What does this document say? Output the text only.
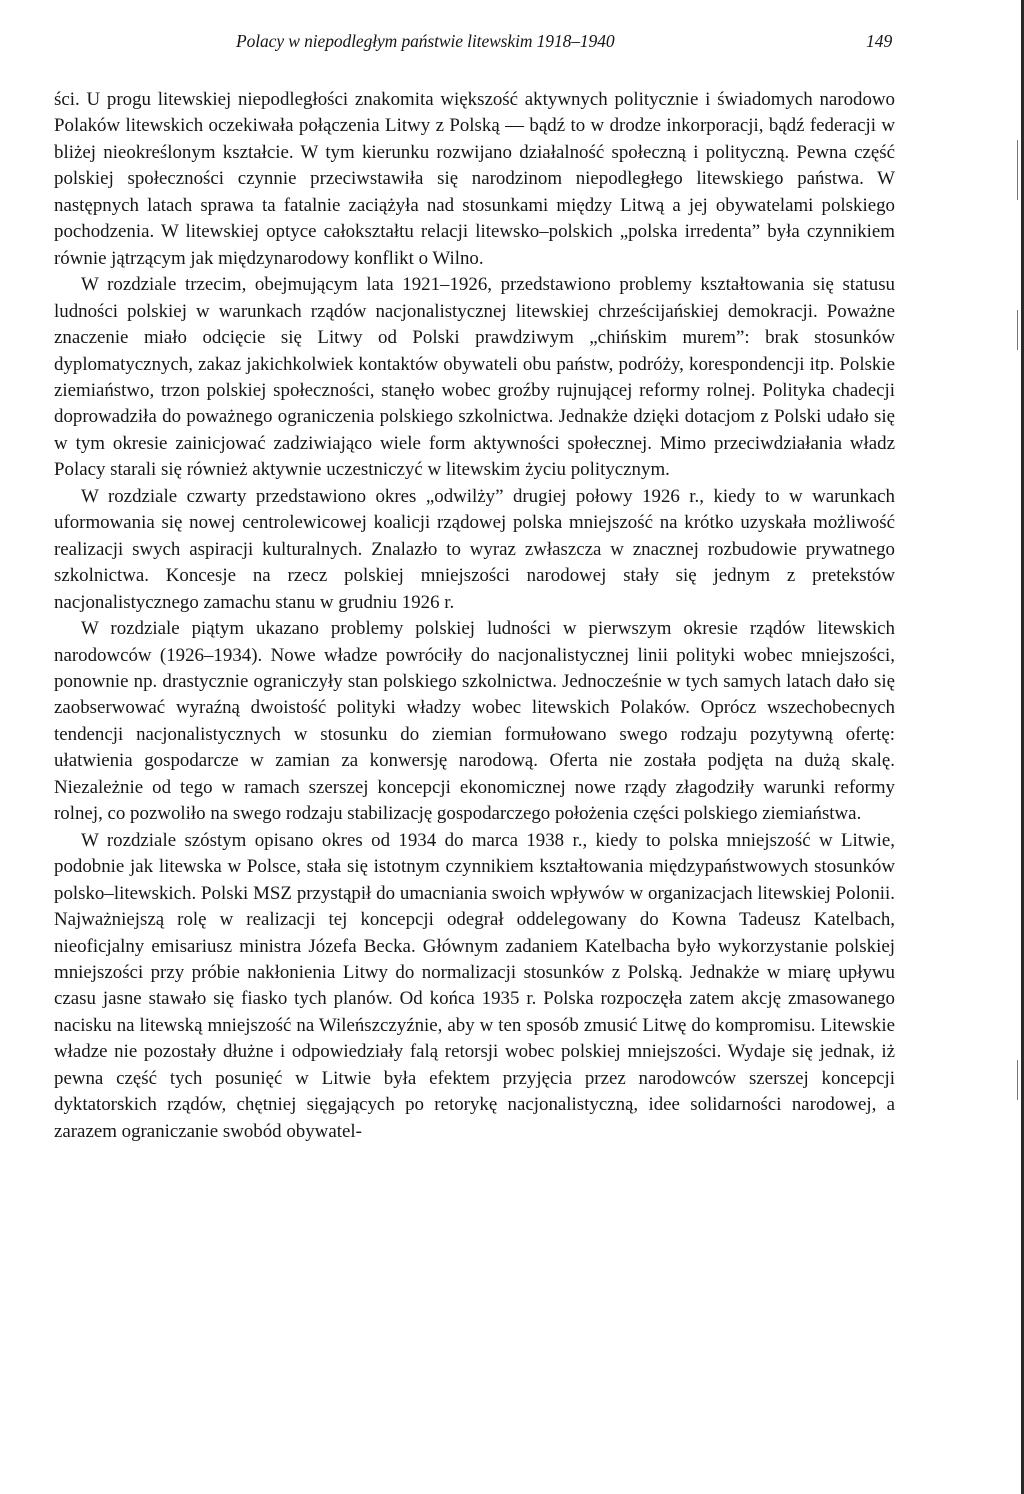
Polacy w niepodległym państwie litewskim 1918–1940	149

ści. U progu litewskiej niepodległości znakomita większość aktywnych politycznie i świadomych narodowo Polaków litewskich oczekiwała połączenia Litwy z Polską — bądź to w drodze inkorporacji, bądź federacji w bliżej nieokreślonym kształcie. W tym kierunku rozwijano działalność społeczną i polityczną. Pewna część polskiej społeczności czynnie przeciwstawiła się narodzinom niepodległego litewskiego państwa. W następnych latach sprawa ta fatalnie zaciążyła nad stosunkami między Litwą a jej obywatelami polskiego pochodzenia. W litewskiej optyce całokształtu relacji litewsko–polskich „polska irredenta” była czynnikiem równie jątrzącym jak międzynarodowy konflikt o Wilno.

W rozdziale trzecim, obejmującym lata 1921–1926, przedstawiono problemy kształtowania się statusu ludności polskiej w warunkach rządów nacjonalistycznej litewskiej chrześcijańskiej demokracji. Poważne znaczenie miało odcięcie się Litwy od Polski prawdziwym „chińskim murem”: brak stosunków dyplomatycznych, zakaz jakichkolwiek kontaktów obywateli obu państw, podróży, korespondencji itp. Polskie ziemiaństwo, trzon polskiej społeczności, stanęło wobec groźby rujnującej reformy rolnej. Polityka chadecji doprowadziła do poważnego ograniczenia polskiego szkolnictwa. Jednakże dzięki dotacjom z Polski udało się w tym okresie zainicjować zadziwiająco wiele form aktywności społecznej. Mimo przeciwdziałania władz Polacy starali się również aktywnie uczestniczyć w litewskim życiu politycznym.

W rozdziale czwarty przedstawiono okres „odwilży” drugiej połowy 1926 r., kiedy to w warunkach uformowania się nowej centrolewicowej koalicji rządowej polska mniejszość na krótko uzyskała możliwość realizacji swych aspiracji kulturalnych. Znalazło to wyraz zwłaszcza w znacznej rozbudowie prywatnego szkolnictwa. Koncesje na rzecz polskiej mniejszości narodowej stały się jednym z pretekstów nacjonalistycznego zamachu stanu w grudniu 1926 r.

W rozdziale piątym ukazano problemy polskiej ludności w pierwszym okresie rządów litewskich narodowców (1926–1934). Nowe władze powróciły do nacjonalistycznej linii polityki wobec mniejszości, ponownie np. drastycznie ograniczyły stan polskiego szkolnictwa. Jednocześnie w tych samych latach dało się zaobserwować wyraźną dwoistość polityki władzy wobec litewskich Polaków. Oprócz wszechobecnych tendencji nacjonalistycznych w stosunku do ziemian formułowano swego rodzaju pozytywną ofertę: ułatwienia gospodarcze w zamian za konwersję narodową. Oferta nie została podjęta na dużą skalę. Niezależnie od tego w ramach szerszej koncepcji ekonomicznej nowe rządy złagodziły warunki reformy rolnej, co pozwoliło na swego rodzaju stabilizację gospodarczego położenia części polskiego ziemiaństwa.

W rozdziale szóstym opisano okres od 1934 do marca 1938 r., kiedy to polska mniejszość w Litwie, podobnie jak litewska w Polsce, stała się istotnym czynnikiem kształtowania międzypaństwowych stosunków polsko–litewskich. Polski MSZ przystąpił do umacniania swoich wpływów w organizacjach litewskiej Polonii. Najważniejszą rolę w realizacji tej koncepcji odegrał oddelegowany do Kowna Tadeusz Katelbach, nieoficjalny emisariusz ministra Józefa Becka. Głównym zadaniem Katelbacha było wykorzystanie polskiej mniejszości przy próbie nakłonienia Litwy do normalizacji stosunków z Polską. Jednakże w miarę upływu czasu jasne stawało się fiasko tych planów. Od końca 1935 r. Polska rozpoczęła zatem akcję zmasowanego nacisku na litewską mniejszość na Wileńszczyźnie, aby w ten sposób zmusić Litwę do kompromisu. Litewskie władze nie pozostały dłużne i odpowiedziały falą retorsji wobec polskiej mniejszości. Wydaje się jednak, iż pewna część tych posunięć w Litwie była efektem przyjęcia przez narodowców szerszej koncepcji dyktatorskich rządów, chętniej sięgających po retorykę nacjonalistyczną, idee solidarności narodowej, a zarazem ograniczanie swobód obywatel-
